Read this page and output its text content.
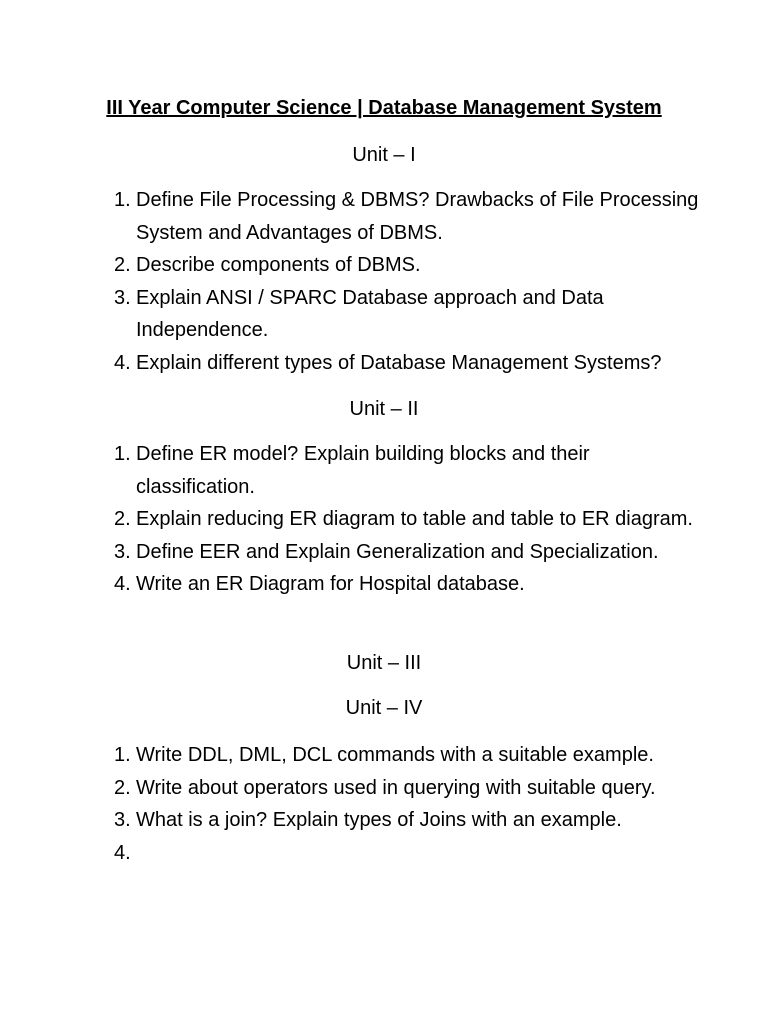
III Year Computer Science | Database Management System
Unit – I
1. Define File Processing & DBMS? Drawbacks of File Processing System and Advantages of DBMS.
2. Describe components of DBMS.
3. Explain ANSI / SPARC Database approach and Data Independence.
4. Explain different types of Database Management Systems?
Unit – II
1. Define ER model? Explain building blocks and their classification.
2. Explain reducing ER diagram to table and table to ER diagram.
3. Define EER and Explain Generalization and Specialization.
4. Write an ER Diagram for Hospital database.
Unit – III
Unit – IV
1. Write DDL, DML, DCL commands with a suitable example.
2. Write about operators used in querying with suitable query.
3. What is a join? Explain types of Joins with an example.
4.
